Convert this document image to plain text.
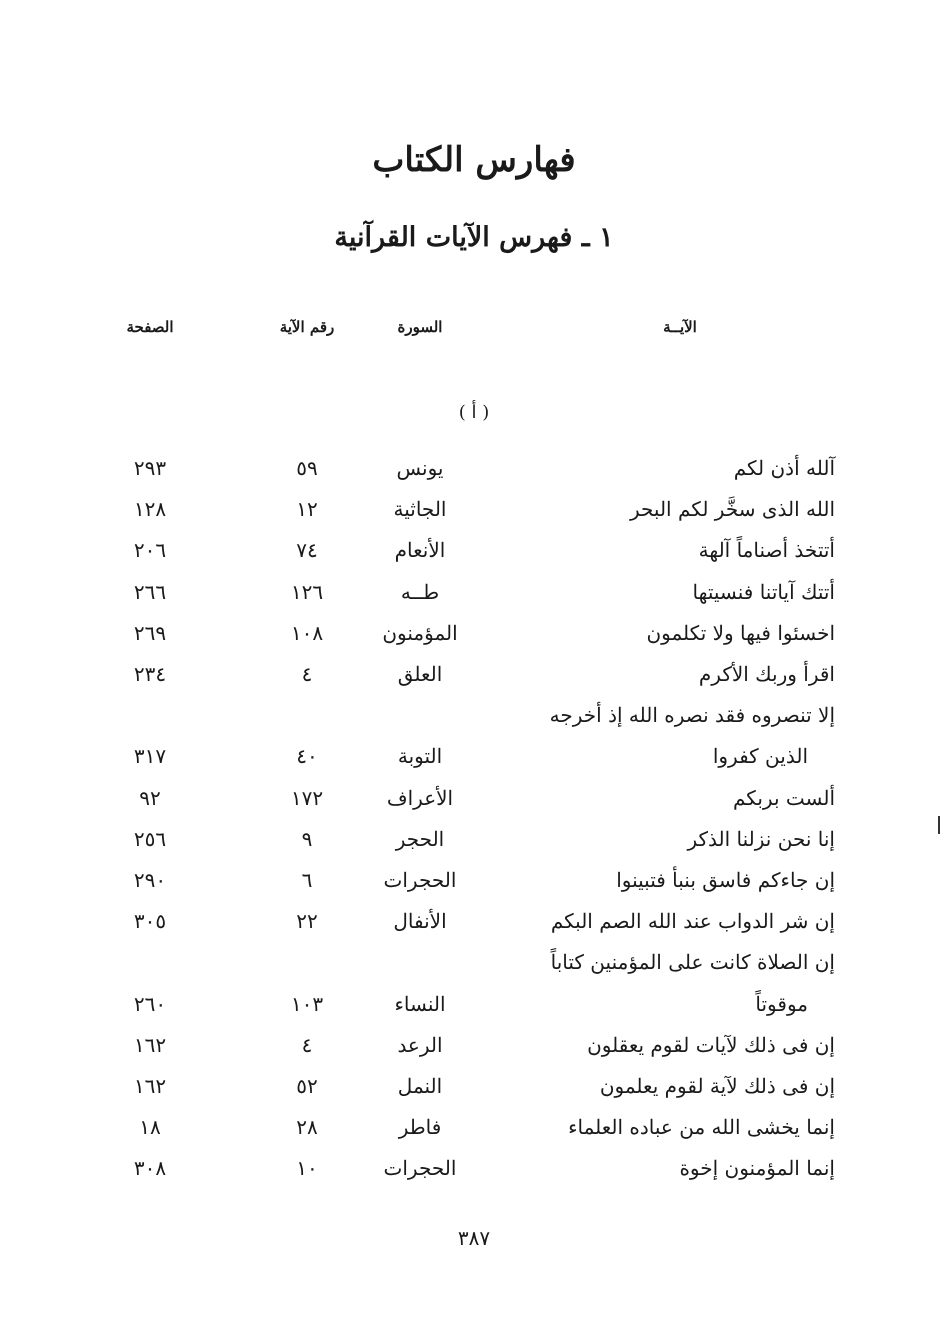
فهارس الكتاب
١ ـ فهرس الآيات القرآنية
الآيــة
السورة
رقم الآية
الصفحة
( أ )
آلله أذن لكم
يونس
٥٩
٢٩٣
الله الذى سخَّر لكم البحر
الجاثية
١٢
١٢٨
أتتخذ أصناماً آلهة
الأنعام
٧٤
٢٠٦
أتتك آياتنا فنسيتها
طــه
١٢٦
٢٦٦
اخسئوا فيها ولا تكلمون
المؤمنون
١٠٨
٢٦٩
اقرأ وربك الأكرم
العلق
٤
٢٣٤
إلا تنصروه فقد نصره الله إذ أخرجه
الذين كفروا
التوبة
٤٠
٣١٧
ألست بربكم
الأعراف
١٧٢
٩٢
إنا نحن نزلنا الذكر
الحجر
٩
٢٥٦
إن جاءكم فاسق بنبأ فتبينوا
الحجرات
٦
٢٩٠
إن شر الدواب عند الله الصم البكم
الأنفال
٢٢
٣٠٥
إن الصلاة كانت على المؤمنين كتاباً
موقوتاً
النساء
١٠٣
٢٦٠
إن فى ذلك لآيات لقوم يعقلون
الرعد
٤
١٦٢
إن فى ذلك لآية لقوم يعلمون
النمل
٥٢
١٦٢
إنما يخشى الله من عباده العلماء
فاطر
٢٨
١٨
إنما المؤمنون إخوة
الحجرات
١٠
٣٠٨
٣٨٧
